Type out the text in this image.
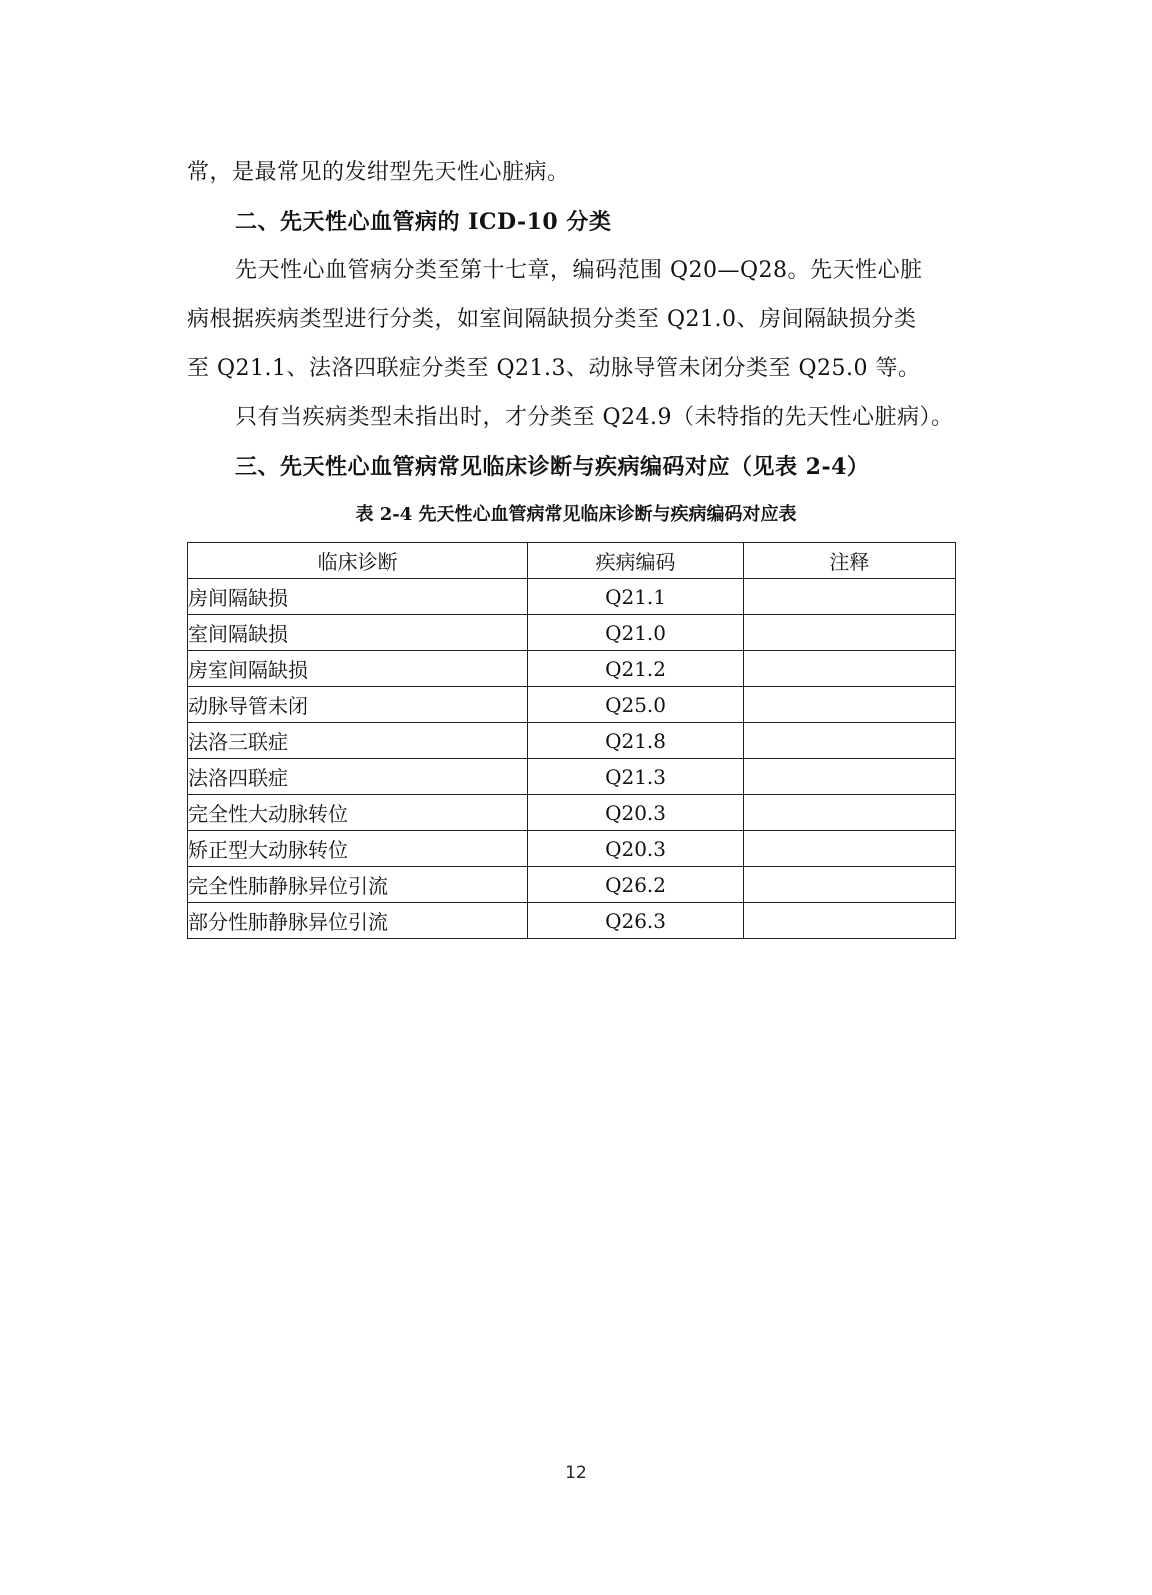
常，是最常见的发绀型先天性心脏病。
二、先天性心血管病的 ICD-10 分类
先天性心血管病分类至第十七章，编码范围 Q20—Q28。先天性心脏
病根据疾病类型进行分类，如室间隔缺损分类至 Q21.0、房间隔缺损分类
至 Q21.1、法洛四联症分类至 Q21.3、动脉导管未闭分类至 Q25.0 等。
只有当疾病类型未指出时，才分类至 Q24.9（未特指的先天性心脏病）。
三、先天性心血管病常见临床诊断与疾病编码对应（见表 2-4）
表 2-4 先天性心血管病常见临床诊断与疾病编码对应表
临床诊断	疾病编码	注释
房间隔缺损	Q21.1	
室间隔缺损	Q21.0	
房室间隔缺损	Q21.2	
动脉导管未闭	Q25.0	
法洛三联症	Q21.8	
法洛四联症	Q21.3	
完全性大动脉转位	Q20.3	
矫正型大动脉转位	Q20.3	
完全性肺静脉异位引流	Q26.2	
部分性肺静脉异位引流	Q26.3	
12
